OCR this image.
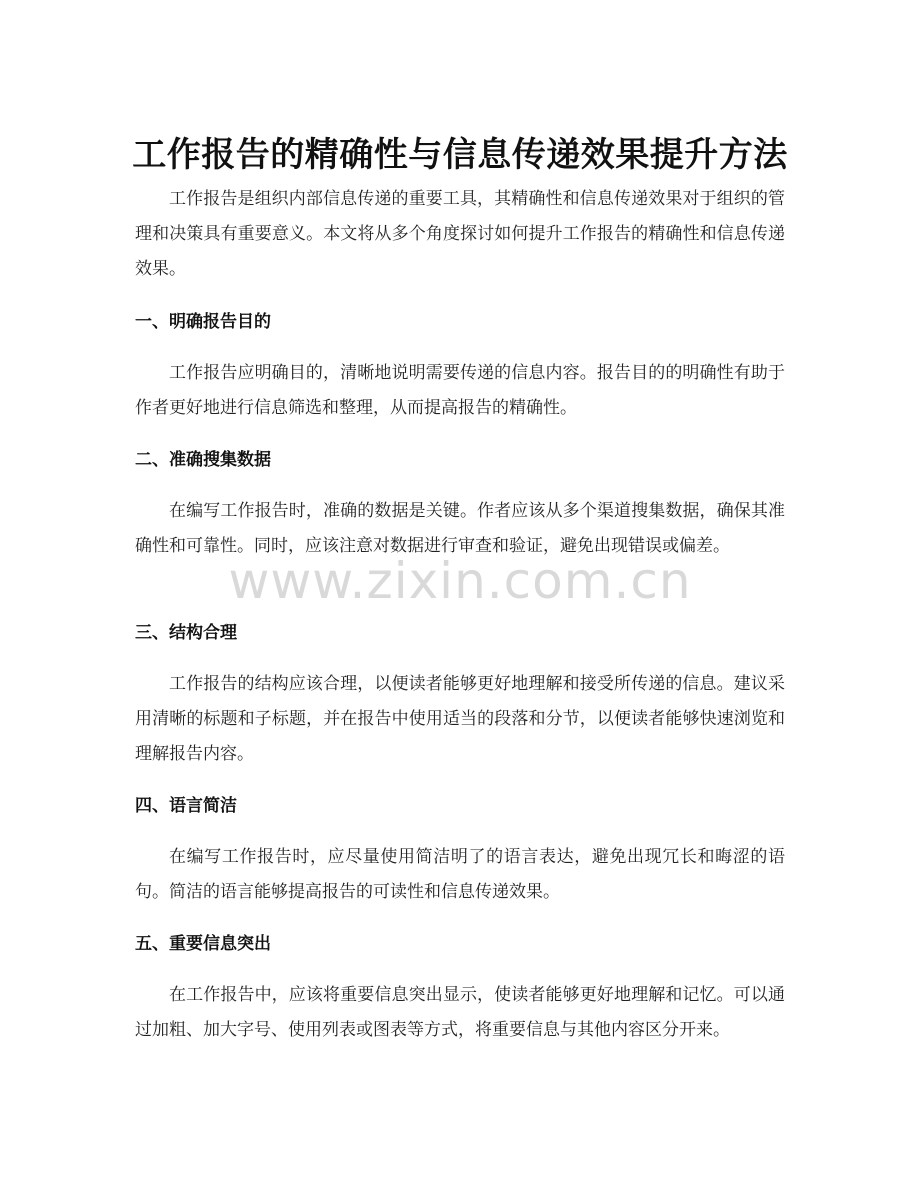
工作报告的精确性与信息传递效果提升方法

工作报告是组织内部信息传递的重要工具，其精确性和信息传递效果对于组织的管理和决策具有重要意义。本文将从多个角度探讨如何提升工作报告的精确性和信息传递效果。

一、明确报告目的

工作报告应明确目的，清晰地说明需要传递的信息内容。报告目的的明确性有助于作者更好地进行信息筛选和整理，从而提高报告的精确性。

二、准确搜集数据

在编写工作报告时，准确的数据是关键。作者应该从多个渠道搜集数据，确保其准确性和可靠性。同时，应该注意对数据进行审查和验证，避免出现错误或偏差。

三、结构合理

工作报告的结构应该合理，以便读者能够更好地理解和接受所传递的信息。建议采用清晰的标题和子标题，并在报告中使用适当的段落和分节，以便读者能够快速浏览和理解报告内容。

四、语言简洁

在编写工作报告时，应尽量使用简洁明了的语言表达，避免出现冗长和晦涩的语句。简洁的语言能够提高报告的可读性和信息传递效果。

五、重要信息突出

在工作报告中，应该将重要信息突出显示，使读者能够更好地理解和记忆。可以通过加粗、加大字号、使用列表或图表等方式，将重要信息与其他内容区分开来。

www.zixin.com.cn
